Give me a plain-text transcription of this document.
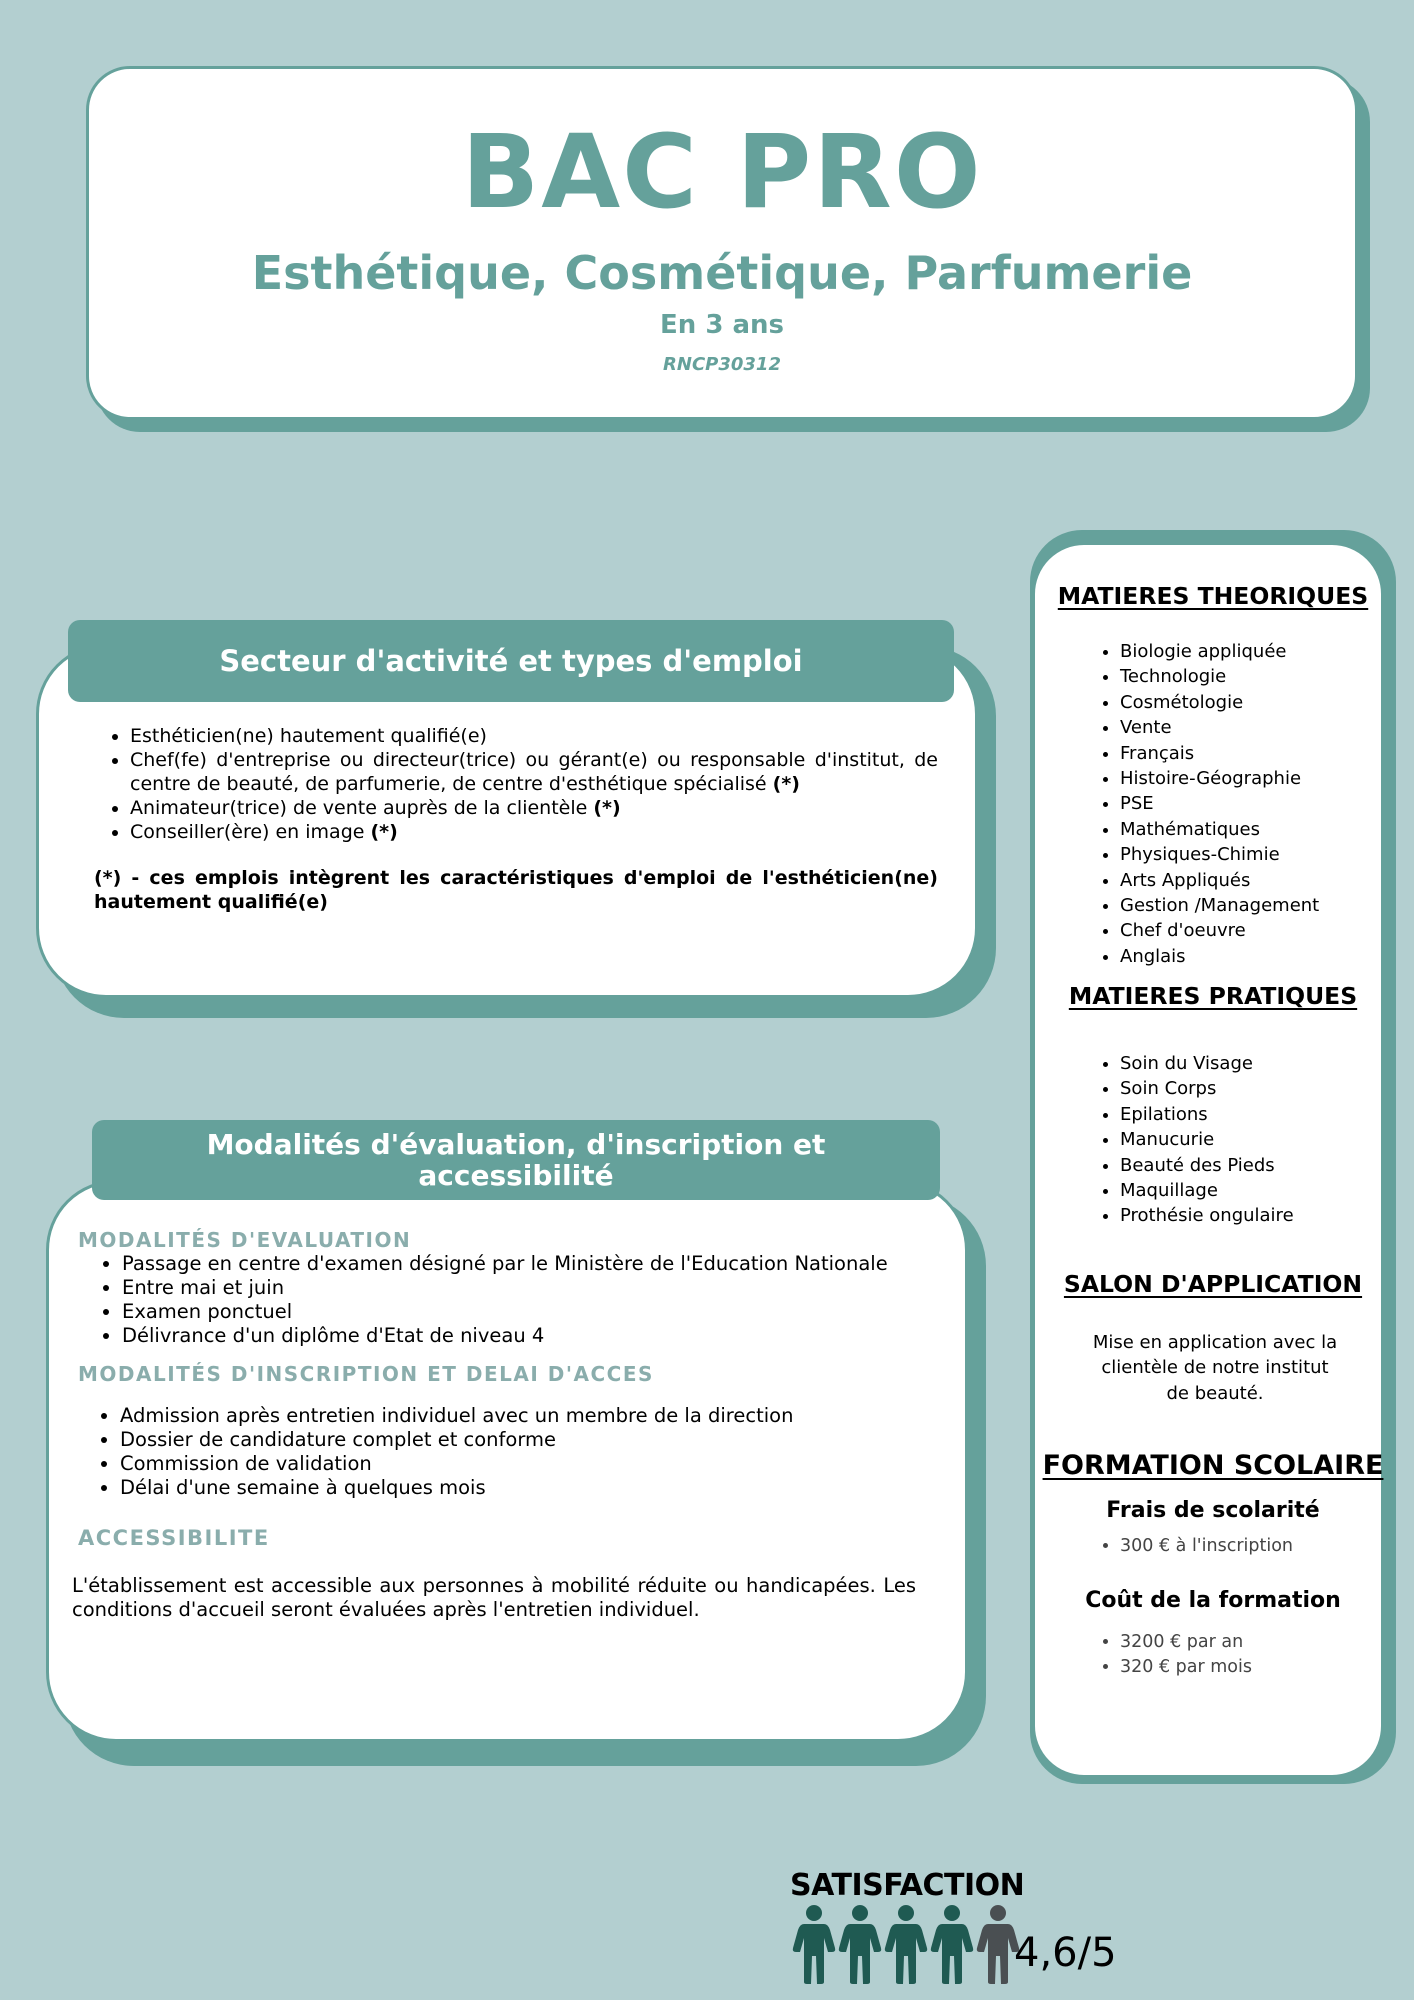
BAC PRO
Esthétique, Cosmétique, Parfumerie
En 3 ans
RNCP30312
Secteur d'activité et types d'emploi
• Esthéticien(ne) hautement qualifié(e)
• Chef(fe) d'entreprise ou directeur(trice) ou gérant(e) ou responsable d'institut, de centre de beauté, de parfumerie, de centre d'esthétique spécialisé (*)
• Animateur(trice) de vente auprès de la clientèle (*)
• Conseiller(ère) en image (*)
(*) - ces emplois intègrent les caractéristiques d'emploi de l'esthéticien(ne) hautement qualifié(e)
Modalités d'évaluation, d'inscription et accessibilité
MODALITÉS D'EVALUATION
• Passage en centre d'examen désigné par le Ministère de l'Education Nationale
• Entre mai et juin
• Examen ponctuel
• Délivrance d'un diplôme d'Etat de niveau 4
MODALITÉS D'INSCRIPTION ET DELAI D'ACCES
• Admission après entretien individuel avec un membre de la direction
• Dossier de candidature complet et conforme
• Commission de validation
• Délai d'une semaine à quelques mois
ACCESSIBILITE
L'établissement est accessible aux personnes à mobilité réduite ou handicapées. Les conditions d'accueil seront évaluées après l'entretien individuel.
MATIERES THEORIQUES
• Biologie appliquée
• Technologie
• Cosmétologie
• Vente
• Français
• Histoire-Géographie
• PSE
• Mathématiques
• Physiques-Chimie
• Arts Appliqués
• Gestion /Management
• Chef d'oeuvre
• Anglais
MATIERES PRATIQUES
• Soin du Visage
• Soin Corps
• Epilations
• Manucurie
• Beauté des Pieds
• Maquillage
• Prothésie ongulaire
SALON D'APPLICATION
Mise en application avec la clientèle de notre institut de beauté.
FORMATION SCOLAIRE
Frais de scolarité
• 300 € à l'inscription
Coût de la formation
• 3200 € par an
• 320 € par mois
SATISFACTION
4,6/5
